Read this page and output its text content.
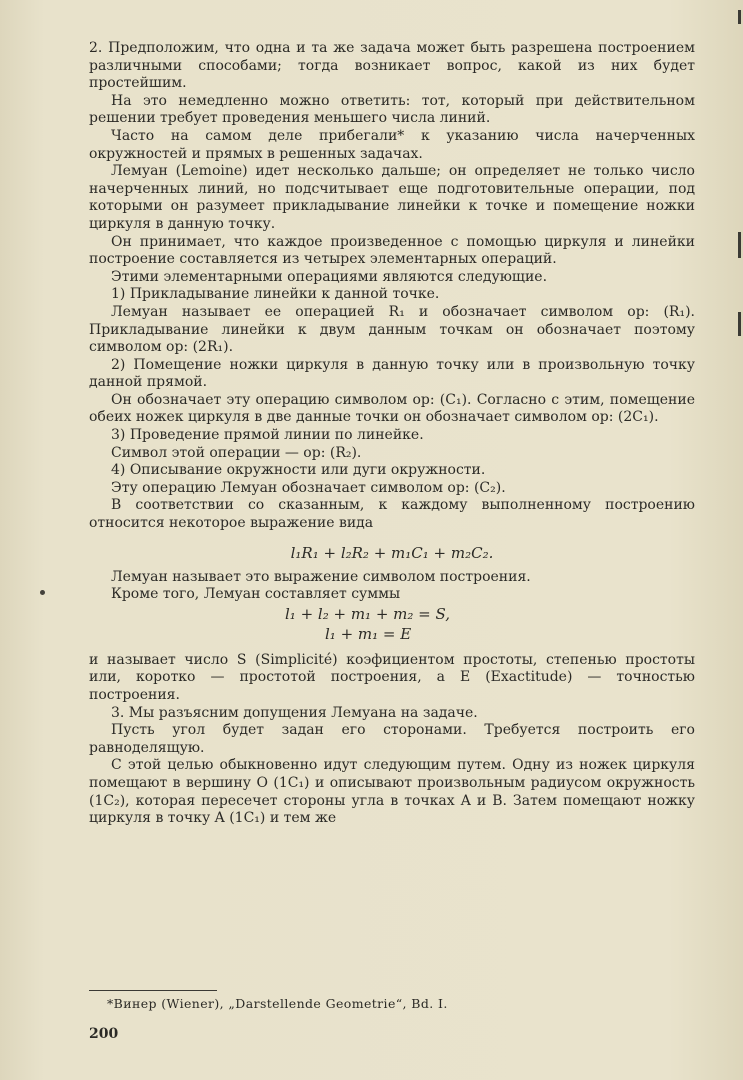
2. Предположим, что одна и та же задача может быть разрешена построением различными способами; тогда возникает вопрос, какой из них будет простейшим.

На это немедленно можно ответить: тот, который при действительном решении требует проведения меньшего числа линий.

Часто на самом деле прибегали* к указанию числа начерченных окружностей и прямых в решенных задачах.

Лемуан (Lemoine) идет несколько дальше; он определяет не только число начерченных линий, но подсчитывает еще подготовительные операции, под которыми он разумеет прикладывание линейки к точке и помещение ножки циркуля в данную точку.

Он принимает, что каждое произведенное с помощью циркуля и линейки построение составляется из четырех элементарных операций.

Этими элементарными операциями являются следующие.

1) Прикладывание линейки к данной точке.

Лемуан называет ее операцией R₁ и обозначает символом ор: (R₁). Прикладывание линейки к двум данным точкам он обозначает поэтому символом ор: (2R₁).

2) Помещение ножки циркуля в данную точку или в произвольную точку данной прямой.

Он обозначает эту операцию символом ор: (C₁). Согласно с этим, помещение обеих ножек циркуля в две данные точки он обозначает символом ор: (2C₁).

3) Проведение прямой линии по линейке.

Символ этой операции — ор: (R₂).

4) Описывание окружности или дуги окружности.

Эту операцию Лемуан обозначает символом ор: (C₂).

В соответствии со сказанным, к каждому выполненному построению относится некоторое выражение вида

l₁R₁ + l₂R₂ + m₁C₁ + m₂C₂.

Лемуан называет это выражение символом построения.

Кроме того, Лемуан составляет суммы

l₁ + l₂ + m₁ + m₂ = S,
l₁ + m₁ = E

и называет число S (Simplicité) коэфициентом простоты, степенью простоты или, коротко — простотой построения, а E (Exactitude) — точностью построения.

3. Мы разъясним допущения Лемуана на задаче.

Пусть угол будет задан его сторонами. Требуется построить его равноделящую.

С этой целью обыкновенно идут следующим путем. Одну из ножек циркуля помещают в вершину O (1C₁) и описывают произвольным радиусом окружность (1C₂), которая пересечет стороны угла в точках A и B. Затем помещают ножку циркуля в точку A (1C₁) и тем же

*Винер (Wiener), „Darstellende Geometrie“, Bd. I.
200
